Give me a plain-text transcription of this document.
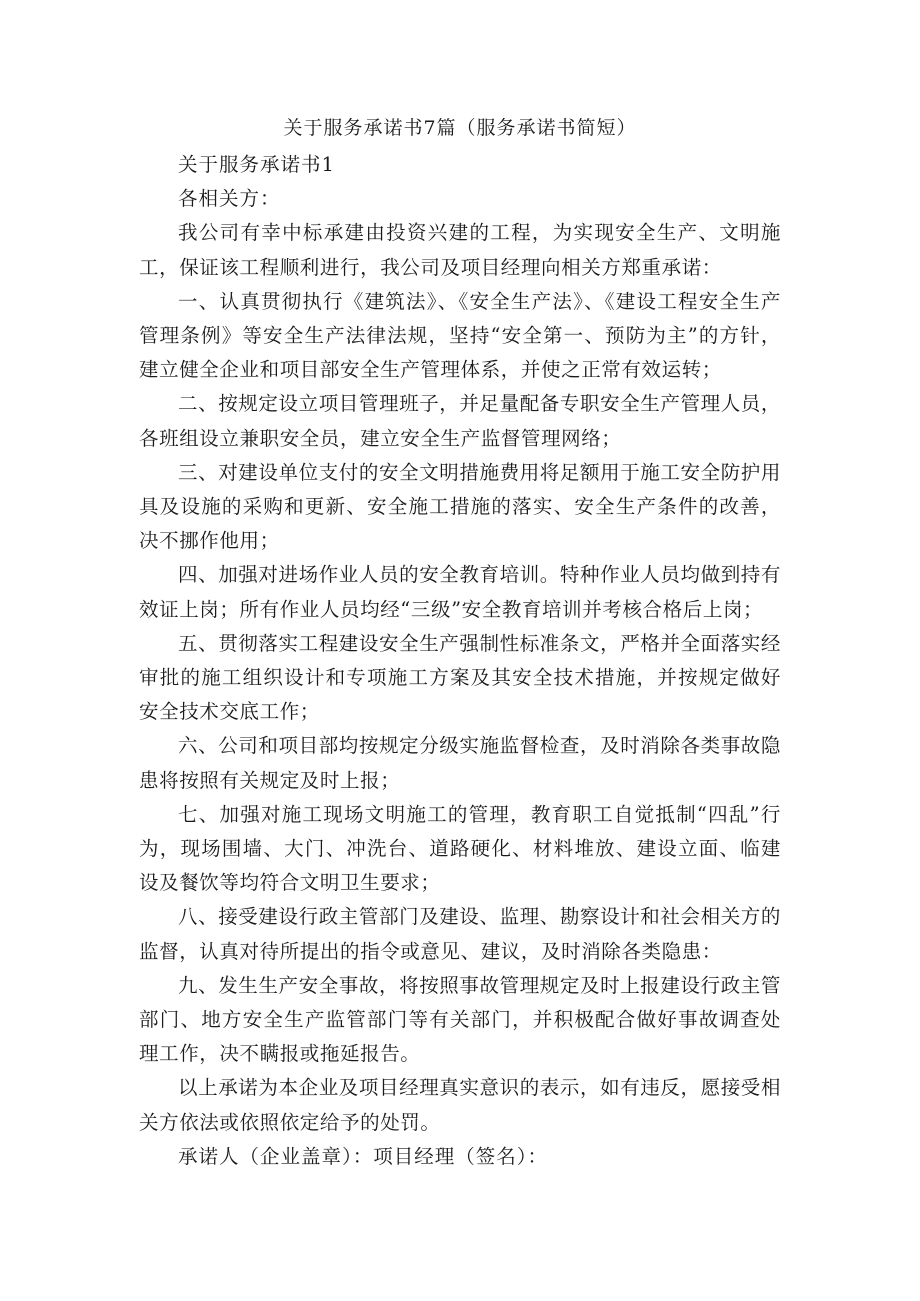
关于服务承诺书7篇（服务承诺书简短）

关于服务承诺书1

各相关方：

我公司有幸中标承建由投资兴建的工程，为实现安全生产、文明施工，保证该工程顺利进行，我公司及项目经理向相关方郑重承诺：

一、认真贯彻执行《建筑法》、《安全生产法》、《建设工程安全生产管理条例》等安全生产法律法规，坚持“安全第一、预防为主”的方针，建立健全企业和项目部安全生产管理体系，并使之正常有效运转；

二、按规定设立项目管理班子，并足量配备专职安全生产管理人员，各班组设立兼职安全员，建立安全生产监督管理网络；

三、对建设单位支付的安全文明措施费用将足额用于施工安全防护用具及设施的采购和更新、安全施工措施的落实、安全生产条件的改善，决不挪作他用；

四、加强对进场作业人员的安全教育培训。特种作业人员均做到持有效证上岗；所有作业人员均经“三级”安全教育培训并考核合格后上岗；

五、贯彻落实工程建设安全生产强制性标准条文，严格并全面落实经审批的施工组织设计和专项施工方案及其安全技术措施，并按规定做好安全技术交底工作；

六、公司和项目部均按规定分级实施监督检查，及时消除各类事故隐患将按照有关规定及时上报；

七、加强对施工现场文明施工的管理，教育职工自觉抵制“四乱”行为，现场围墙、大门、冲洗台、道路硬化、材料堆放、建设立面、临建设及餐饮等均符合文明卫生要求；

八、接受建设行政主管部门及建设、监理、勘察设计和社会相关方的监督，认真对待所提出的指令或意见、建议，及时消除各类隐患：

九、发生生产安全事故，将按照事故管理规定及时上报建设行政主管部门、地方安全生产监管部门等有关部门，并积极配合做好事故调查处理工作，决不瞒报或拖延报告。

以上承诺为本企业及项目经理真实意识的表示，如有违反，愿接受相关方依法或依照依定给予的处罚。

承诺人（企业盖章）：项目经理（签名）：
